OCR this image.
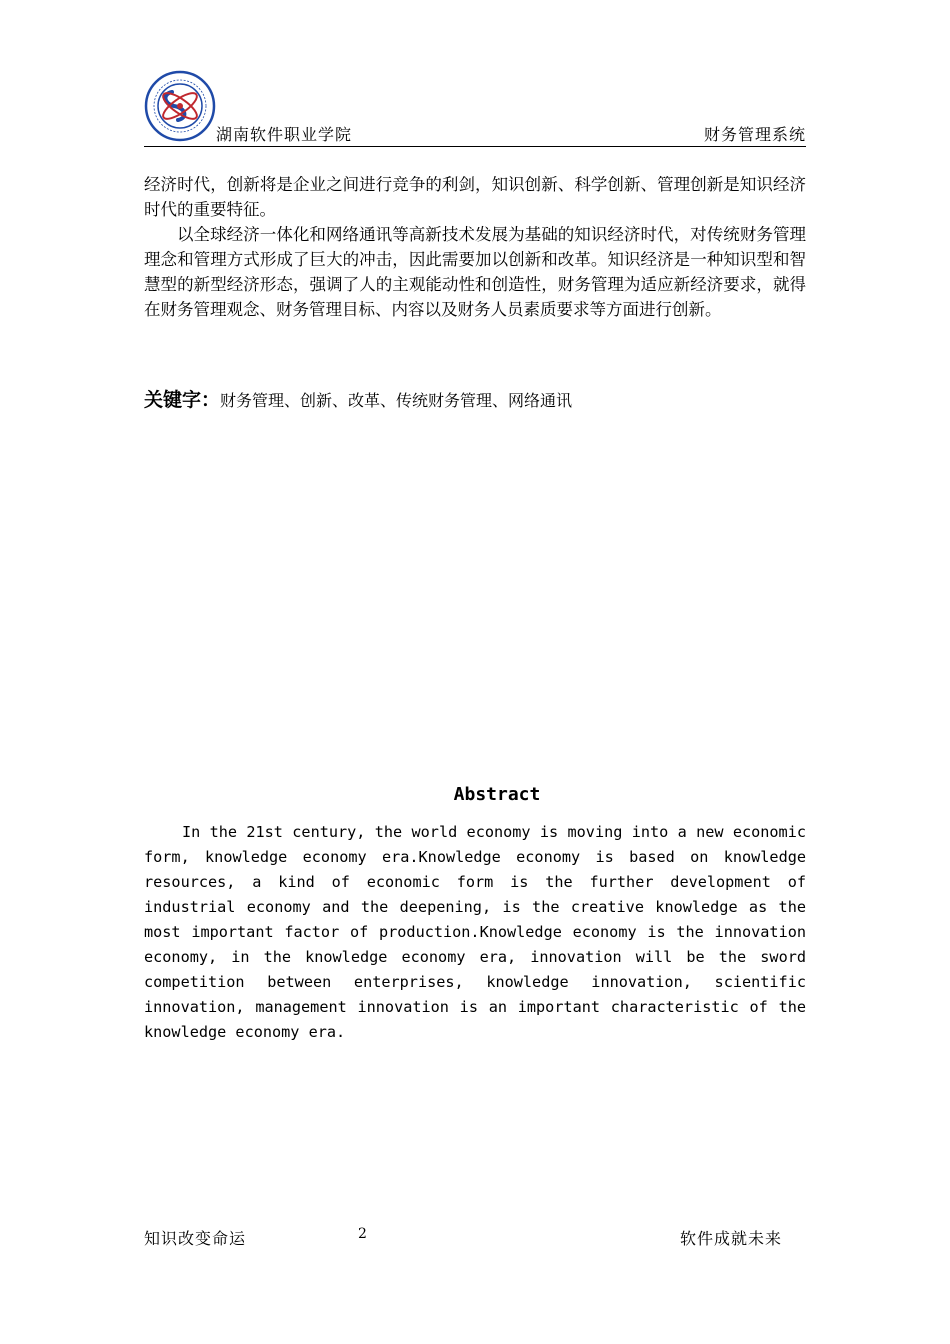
湖南软件职业学院	财务管理系统

经济时代，创新将是企业之间进行竞争的利剑，知识创新、科学创新、管理创新是知识经济时代的重要特征。

以全球经济一体化和网络通讯等高新技术发展为基础的知识经济时代，对传统财务管理理念和管理方式形成了巨大的冲击，因此需要加以创新和改革。知识经济是一种知识型和智慧型的新型经济形态，强调了人的主观能动性和创造性，财务管理为适应新经济要求，就得在财务管理观念、财务管理目标、内容以及财务人员素质要求等方面进行创新。

关键字：财务管理、创新、改革、传统财务管理、网络通讯
Abstract
In the 21st century, the world economy is moving into a new economic form, knowledge economy era.Knowledge economy is based on knowledge resources, a kind of economic form is the further development of industrial economy and the deepening, is the creative knowledge as the most important factor of production.Knowledge economy is the innovation economy, in the knowledge economy era, innovation will be the sword competition between enterprises, knowledge innovation, scientific innovation, management innovation is an important characteristic of the knowledge economy era.
知识改变命运	2	软件成就未来
